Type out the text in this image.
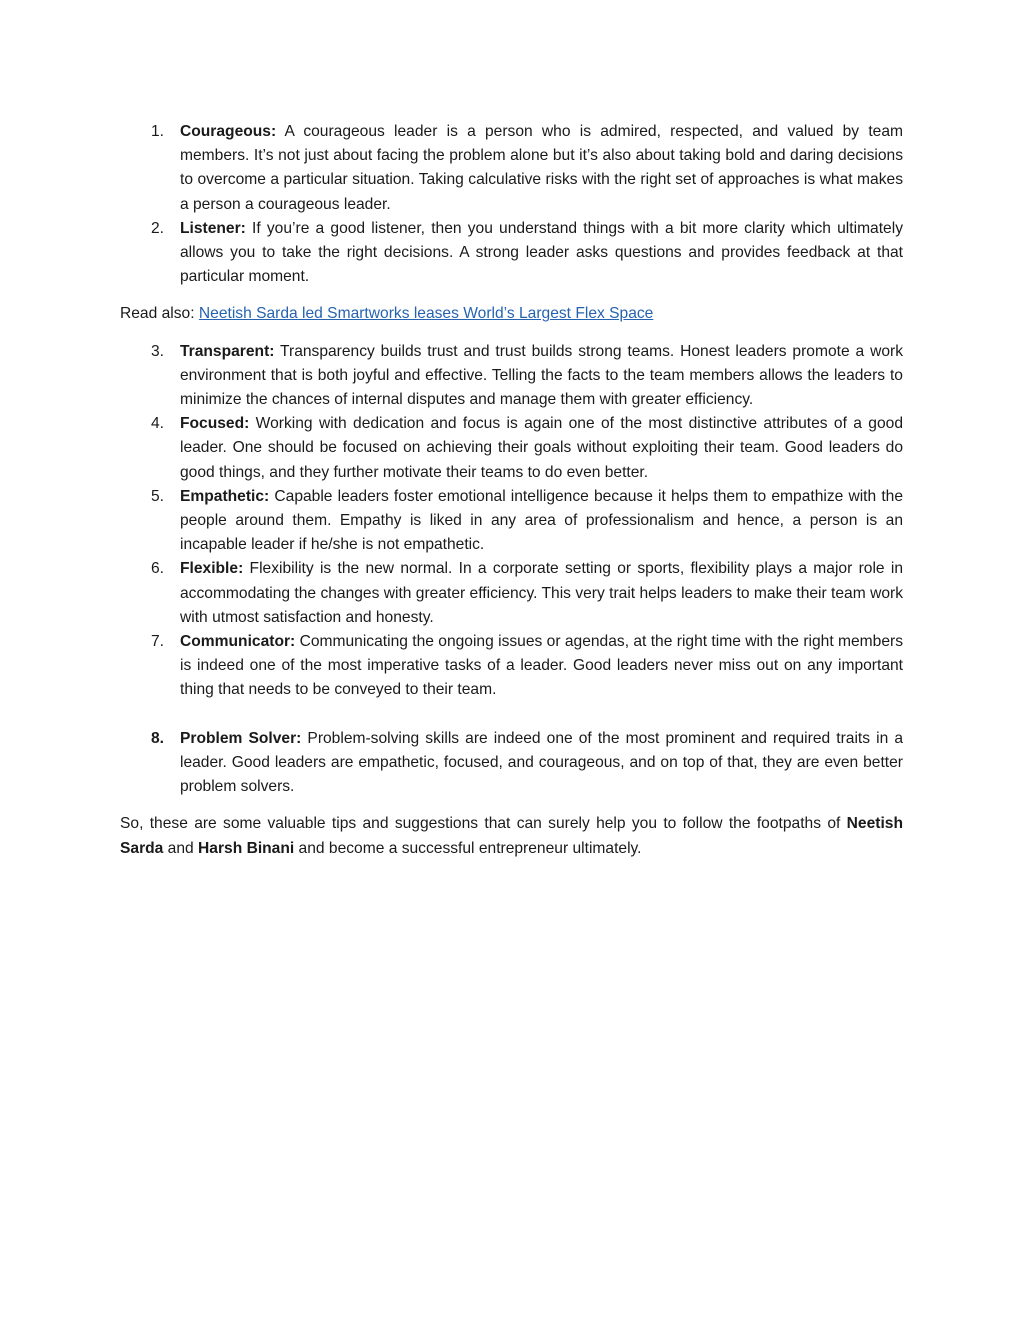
1. Courageous: A courageous leader is a person who is admired, respected, and valued by team members. It’s not just about facing the problem alone but it’s also about taking bold and daring decisions to overcome a particular situation. Taking calculative risks with the right set of approaches is what makes a person a courageous leader.
2. Listener: If you’re a good listener, then you understand things with a bit more clarity which ultimately allows you to take the right decisions. A strong leader asks questions and provides feedback at that particular moment.

Read also: Neetish Sarda led Smartworks leases World’s Largest Flex Space

3. Transparent: Transparency builds trust and trust builds strong teams. Honest leaders promote a work environment that is both joyful and effective. Telling the facts to the team members allows the leaders to minimize the chances of internal disputes and manage them with greater efficiency.
4. Focused: Working with dedication and focus is again one of the most distinctive attributes of a good leader. One should be focused on achieving their goals without exploiting their team. Good leaders do good things, and they further motivate their teams to do even better.
5. Empathetic: Capable leaders foster emotional intelligence because it helps them to empathize with the people around them. Empathy is liked in any area of professionalism and hence, a person is an incapable leader if he/she is not empathetic.
6. Flexible: Flexibility is the new normal. In a corporate setting or sports, flexibility plays a major role in accommodating the changes with greater efficiency. This very trait helps leaders to make their team work with utmost satisfaction and honesty.
7. Communicator: Communicating the ongoing issues or agendas, at the right time with the right members is indeed one of the most imperative tasks of a leader. Good leaders never miss out on any important thing that needs to be conveyed to their team.
8. Problem Solver: Problem-solving skills are indeed one of the most prominent and required traits in a leader. Good leaders are empathetic, focused, and courageous, and on top of that, they are even better problem solvers.

So, these are some valuable tips and suggestions that can surely help you to follow the footpaths of Neetish Sarda and Harsh Binani and become a successful entrepreneur ultimately.
